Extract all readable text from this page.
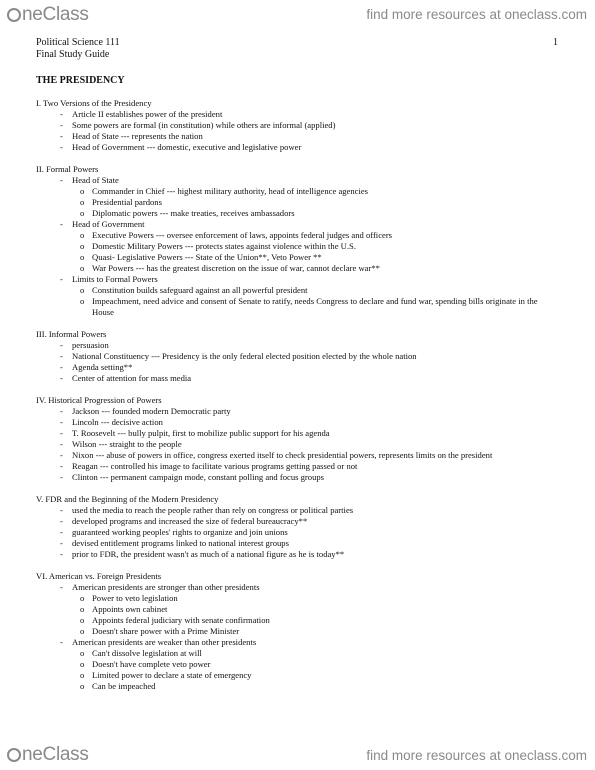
neClass	find more resources at oneclass.com
Political Science 111
Final Study Guide
1
THE PRESIDENCY
I. Two Versions of the Presidency
- Article II establishes power of the president
- Some powers are formal (in constitution) while others are informal (applied)
- Head of State --- represents the nation
- Head of Government --- domestic, executive and legislative power
II. Formal Powers
- Head of State
o Commander in Chief --- highest military authority, head of intelligence agencies
o Presidential pardons
o Diplomatic powers --- make treaties, receives ambassadors
- Head of Government
o Executive Powers --- oversee enforcement of laws, appoints federal judges and officers
o Domestic Military Powers --- protects states against violence within the U.S.
o Quasi- Legislative Powers --- State of the Union**, Veto Power **
o War Powers --- has the greatest discretion on the issue of war, cannot declare war**
- Limits to Formal Powers
o Constitution builds safeguard against an all powerful president
o Impeachment, need advice and consent of Senate to ratify, needs Congress to declare and fund war, spending bills originate in the House
III. Informal Powers
- persuasion
- National Constituency --- Presidency is the only federal elected position elected by the whole nation
- Agenda setting**
- Center of attention for mass media
IV. Historical Progression of Powers
- Jackson --- founded modern Democratic party
- Lincoln --- decisive action
- T. Roosevelt --- bully pulpit, first to mobilize public support for his agenda
- Wilson --- straight to the people
- Nixon --- abuse of powers in office, congress exerted itself to check presidential powers, represents limits on the president
- Reagan --- controlled his image to facilitate various programs getting passed or not
- Clinton --- permanent campaign mode, constant polling and focus groups
V. FDR and the Beginning of the Modern Presidency
- used the media to reach the people rather than rely on congress or political parties
- developed programs and increased the size of federal bureaucracy**
- guaranteed working peoples' rights to organize and join unions
- devised entitlement programs linked to national interest groups
- prior to FDR, the president wasn't as much of a national figure as he is today**
VI. American vs. Foreign Presidents
- American presidents are stronger than other presidents
o Power to veto legislation
o Appoints own cabinet
o Appoints federal judiciary with senate confirmation
o Doesn't share power with a Prime Minister
- American presidents are weaker than other presidents
o Can't dissolve legislation at will
o Doesn't have complete veto power
o Limited power to declare a state of emergency
o Can be impeached
neClass	find more resources at oneclass.com
